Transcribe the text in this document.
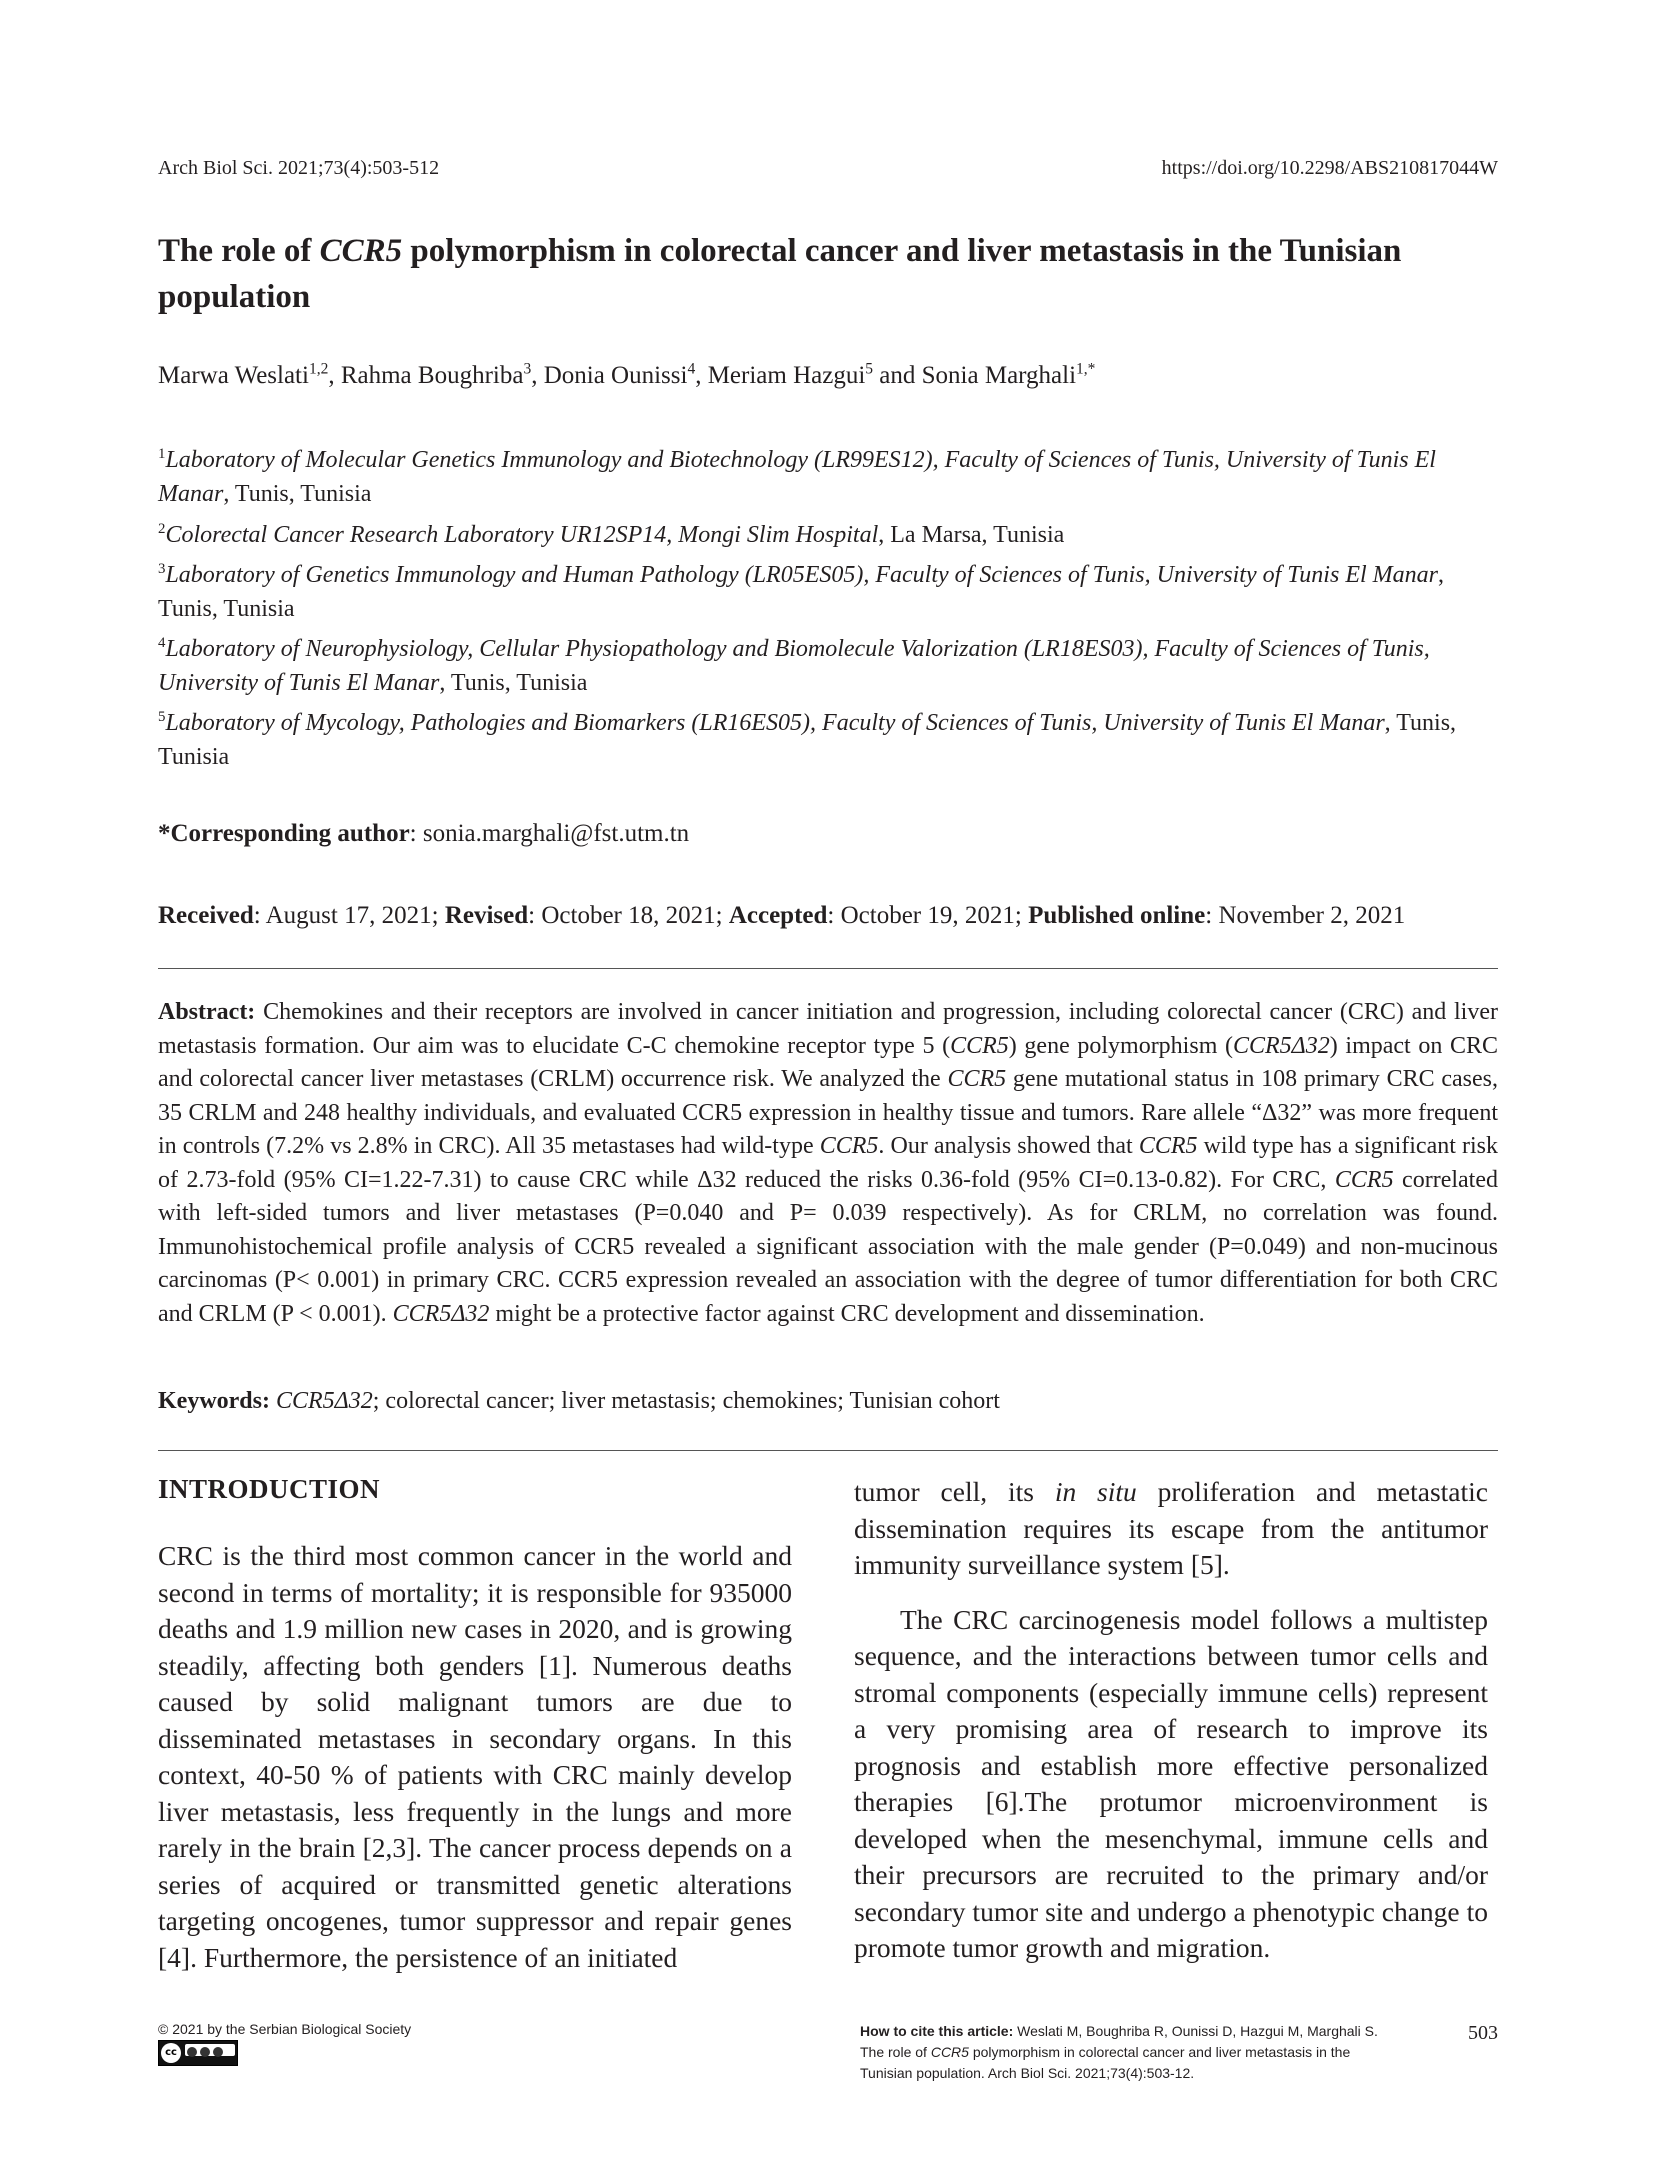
Arch Biol Sci. 2021;73(4):503-512	https://doi.org/10.2298/ABS210817044W
The role of CCR5 polymorphism in colorectal cancer and liver metastasis in the Tunisian population
Marwa Weslati$^{1,2}$, Rahma Boughriba$^3$, Donia Ounissi$^4$, Meriam Hazgui$^5$ and Sonia Marghali$^{1,*}$
$^1$Laboratory of Molecular Genetics Immunology and Biotechnology (LR99ES12), Faculty of Sciences of Tunis, University of Tunis El Manar, Tunis, Tunisia
$^2$Colorectal Cancer Research Laboratory UR12SP14, Mongi Slim Hospital, La Marsa, Tunisia
$^3$Laboratory of Genetics Immunology and Human Pathology (LR05ES05), Faculty of Sciences of Tunis, University of Tunis El Manar, Tunis, Tunisia
$^4$Laboratory of Neurophysiology, Cellular Physiopathology and Biomolecule Valorization (LR18ES03), Faculty of Sciences of Tunis, University of Tunis El Manar, Tunis, Tunisia
$^5$Laboratory of Mycology, Pathologies and Biomarkers (LR16ES05), Faculty of Sciences of Tunis, University of Tunis El Manar, Tunis, Tunisia
*Corresponding author: sonia.marghali@fst.utm.tn
Received: August 17, 2021; Revised: October 18, 2021; Accepted: October 19, 2021; Published online: November 2, 2021
Abstract: Chemokines and their receptors are involved in cancer initiation and progression, including colorectal cancer (CRC) and liver metastasis formation. Our aim was to elucidate C-C chemokine receptor type 5 (CCR5) gene polymorphism (CCR5Δ32) impact on CRC and colorectal cancer liver metastases (CRLM) occurrence risk. We analyzed the CCR5 gene mutational status in 108 primary CRC cases, 35 CRLM and 248 healthy individuals, and evaluated CCR5 expression in healthy tissue and tumors. Rare allele “Δ32” was more frequent in controls (7.2% vs 2.8% in CRC). All 35 metastases had wild-type CCR5. Our analysis showed that CCR5 wild type has a significant risk of 2.73-fold (95% CI=1.22-7.31) to cause CRC while Δ32 reduced the risks 0.36-fold (95% CI=0.13-0.82). For CRC, CCR5 correlated with left-sided tumors and liver metastases (P=0.040 and P= 0.039 respectively). As for CRLM, no correlation was found. Immunohistochemical profile analysis of CCR5 revealed a significant association with the male gender (P=0.049) and non-mucinous carcinomas (P< 0.001) in primary CRC. CCR5 expression revealed an association with the degree of tumor differentiation for both CRC and CRLM (P < 0.001). CCR5Δ32 might be a protective factor against CRC development and dissemination.
Keywords: CCR5Δ32; colorectal cancer; liver metastasis; chemokines; Tunisian cohort
INTRODUCTION

CRC is the third most common cancer in the world and second in terms of mortality; it is responsible for 935000 deaths and 1.9 million new cases in 2020, and is growing steadily, affecting both genders [1]. Numerous deaths caused by solid malignant tumors are due to disseminated metastases in secondary organs. In this context, 40-50 % of patients with CRC mainly develop liver metastasis, less frequently in the lungs and more rarely in the brain [2,3]. The cancer process depends on a series of acquired or transmitted genetic alterations targeting oncogenes, tumor suppressor and repair genes [4]. Furthermore, the persistence of an initiated

tumor cell, its in situ proliferation and metastatic dissemination requires its escape from the antitumor immunity surveillance system [5].

The CRC carcinogenesis model follows a multistep sequence, and the interactions between tumor cells and stromal components (especially immune cells) represent a very promising area of research to improve its prognosis and establish more effective personalized therapies [6].The protumor microenvironment is developed when the mesenchymal, immune cells and their precursors are recruited to the primary and/or secondary tumor site and undergo a phenotypic change to promote tumor growth and migration.

© 2021 by the Serbian Biological Society
cc
How to cite this article: Weslati M, Boughriba R, Ounissi D, Hazgui M, Marghali S. The role of CCR5 polymorphism in colorectal cancer and liver metastasis in the Tunisian population. Arch Biol Sci. 2021;73(4):503-12.
503
